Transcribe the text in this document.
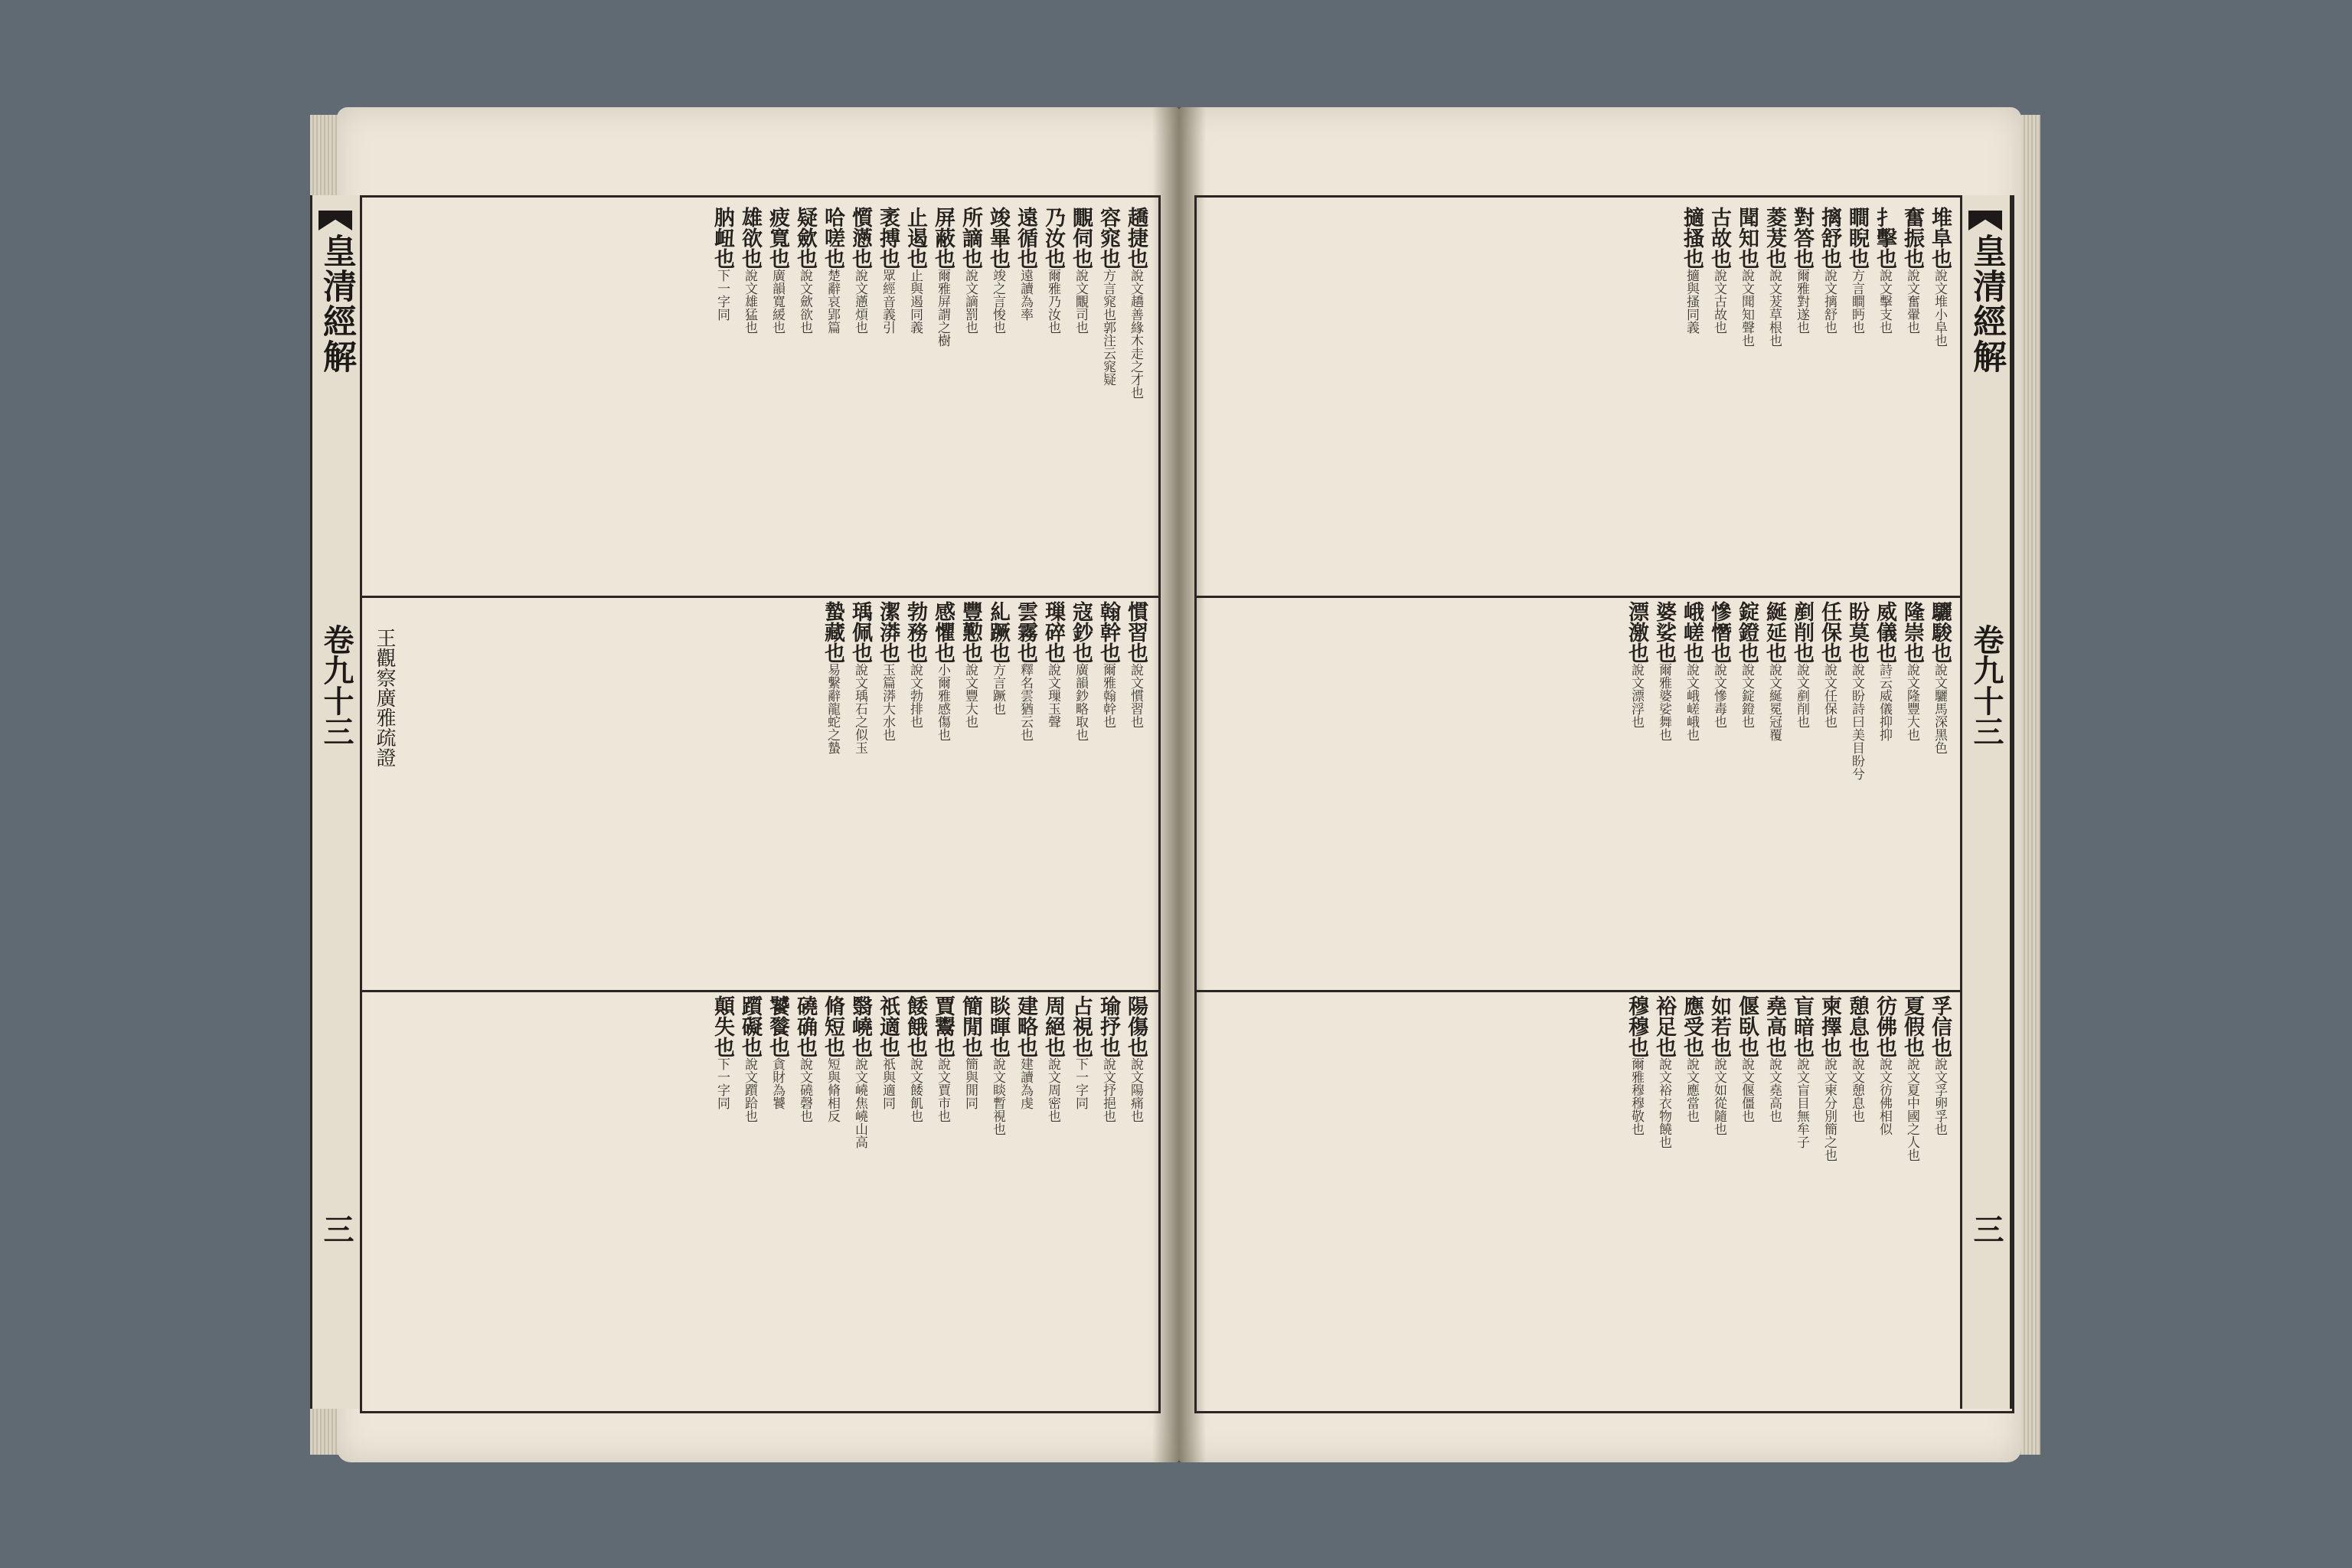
趫捷也說文趫善緣木走之才也
容窕也方言窕也郭注云窕疑
覵伺也說文覵司也
乃汝也爾雅乃汝也
遠循也遠讀為率
竣畢也竣之言悛也
所謫也說文謫罰也
屏蔽也爾雅屏謂之樹
止遏也止與遏同義
袤搏也眾經音義引
懫懣也說文懣煩也
哈嗟也楚辭哀郢篇
疑歛也說文歛欲也
疲寬也廣韻寬緩也
雄欲也說文雄猛也
肭衄也下一字同
慣習也說文慣習也
翰幹也爾雅翰幹也
寇鈔也廣韻鈔略取也
璅碎也說文璅玉聲
雲霧也釋名雲猶云也
糺蹶也方言蹶也
豐懃也說文豐大也
感懼也小爾雅感傷也
勃務也說文勃排也
潔漭也玉篇漭大水也
瑀佩也說文瑀石之似玉
蟄藏也易繫辭龍蛇之蟄
陽傷也說文陽痛也
瑜抒也說文抒挹也
占視也下一字同
周絕也說文周密也
建略也建讀為虔
睒暉也說文睒暫視也
簡閒也簡與閒同
賈鬻也說文賈市也
餧餓也說文餧飢也
祇適也祇與適同
翳嶢也說文嶢焦嶢山高
脩短也短與脩相反
磽确也說文磽磬也
饕餮也貪財為饕
躓礙也說文躓跲也
顛失也下一字同
王觀察廣雅疏證
堆阜也說文堆小阜也
奮振也說文奮翬也
扌擊也說文擊支也
瞷睨也方言瞷眄也
摛舒也說文摛舒也
對答也爾雅對遂也
菱茇也說文茇草根也
聞知也說文聞知聲也
古故也說文古故也
擿搔也擿與搔同義
驪駿也說文驪馬深黑色
隆崇也說文隆豐大也
威儀也詩云威儀抑抑
盼莫也說文盼詩曰美目盼兮
任保也說文任保也
剷削也說文剷削也
綖延也說文綖冕冠覆
錠鐙也說文錠鐙也
慘憯也說文慘毒也
峨嵯也說文峨嵯峨也
婆娑也爾雅婆娑舞也
漂激也說文漂浮也
孚信也說文孚卵孚也
夏假也說文夏中國之人也
彷佛也說文彷佛相似
憩息也說文憩息也
柬擇也說文柬分別簡之也
盲暗也說文盲目無牟子
堯高也說文堯高也
偃臥也說文偃僵也
如若也說文如從隨也
應受也說文應當也
裕足也說文裕衣物饒也
穆穆也爾雅穆穆敬也
皇清經解
卷九十三
三
皇清經解
卷九十三
三
